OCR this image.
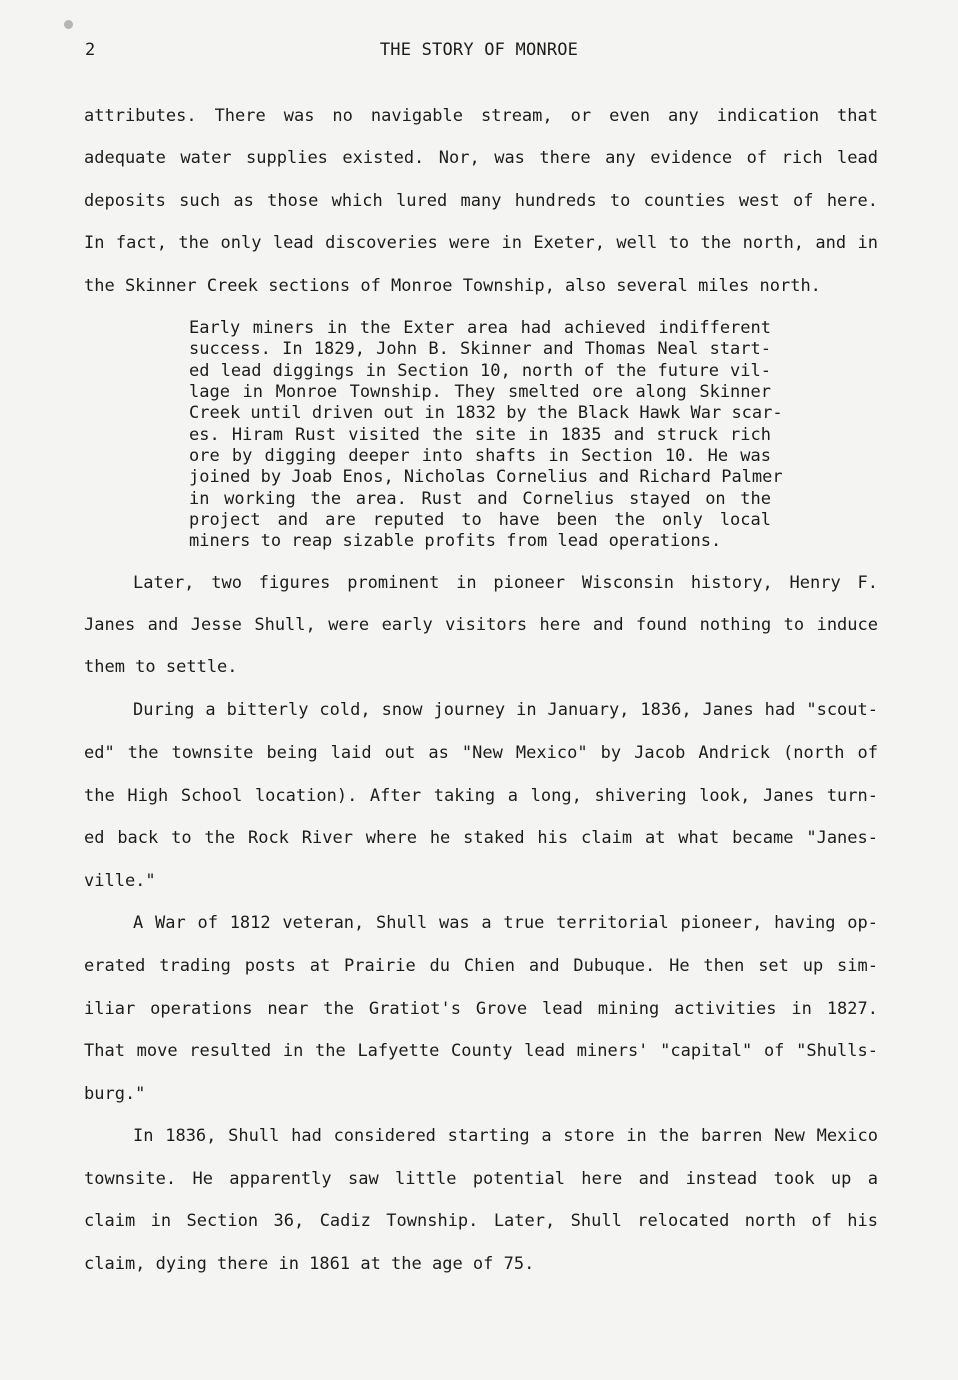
2	THE STORY OF MONROE
attributes. There was no navigable stream, or even any indication that
adequate water supplies existed. Nor, was there any evidence of rich lead
deposits such as those which lured many hundreds to counties west of here.
In fact, the only lead discoveries were in Exeter, well to the north, and in
the Skinner Creek sections of Monroe Township, also several miles north.
Early miners in the Exter area had achieved indifferent
success. In 1829, John B. Skinner and Thomas Neal start-
ed lead diggings in Section 10, north of the future vil-
lage in Monroe Township. They smelted ore along Skinner
Creek until driven out in 1832 by the Black Hawk War scar-
es. Hiram Rust visited the site in 1835 and struck rich
ore by digging deeper into shafts in Section 10. He was
joined by Joab Enos, Nicholas Cornelius and Richard Palmer
in working the area. Rust and Cornelius stayed on the
project and are reputed to have been the only local
miners to reap sizable profits from lead operations.
Later, two figures prominent in pioneer Wisconsin history, Henry F.
Janes and Jesse Shull, were early visitors here and found nothing to induce
them to settle.
During a bitterly cold, snow journey in January, 1836, Janes had "scout-
ed" the townsite being laid out as "New Mexico" by Jacob Andrick (north of
the High School location). After taking a long, shivering look, Janes turn-
ed back to the Rock River where he staked his claim at what became "Janes-
ville."
A War of 1812 veteran, Shull was a true territorial pioneer, having op-
erated trading posts at Prairie du Chien and Dubuque. He then set up sim-
iliar operations near the Gratiot's Grove lead mining activities in 1827.
That move resulted in the Lafyette County lead miners' "capital" of "Shulls-
burg."
In 1836, Shull had considered starting a store in the barren New Mexico
townsite. He apparently saw little potential here and instead took up a
claim in Section 36, Cadiz Township. Later, Shull relocated north of his
claim, dying there in 1861 at the age of 75.
